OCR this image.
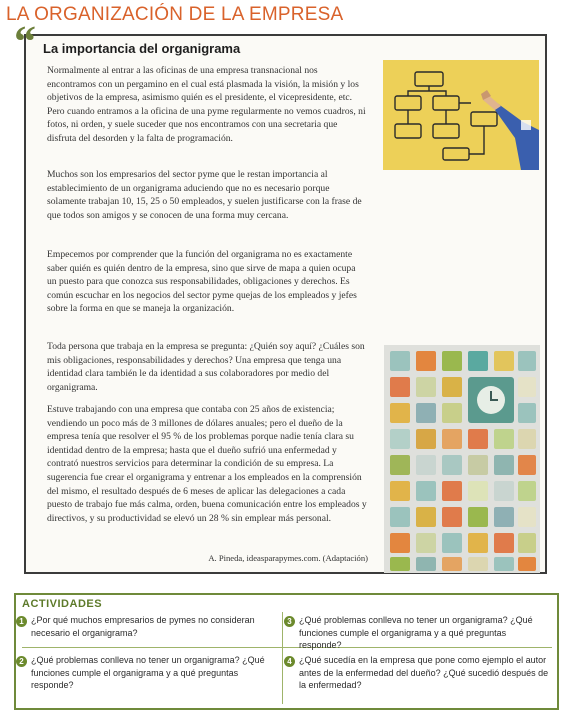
LA ORGANIZACIÓN DE LA EMPRESA
“ La importancia del organigrama

Normalmente al entrar a las oficinas de una empresa transnacional nos encontramos con un pergamino en el cual está plasmada la visión, la misión y los objetivos de la empresa, asimismo quién es el presidente, el vicepresidente, etc. Pero cuando entramos a la oficina de una pyme regularmente no vemos cuadros, ni fotos, ni orden, y suele suceder que nos encontramos con una secretaria que disfruta del desorden y la falta de programación.

Muchos son los empresarios del sector pyme que le restan importancia al establecimiento de un organigrama aduciendo que no es necesario porque solamente trabajan 10, 15, 25 o 50 empleados, y suelen justificarse con la frase de que todos son amigos y se conocen de una forma muy cercana.

Empecemos por comprender que la función del organigrama no es exactamente saber quién es quién dentro de la empresa, sino que sirve de mapa a quien ocupa un puesto para que conozca sus responsabilidades, obligaciones y derechos. Es común escuchar en los negocios del sector pyme quejas de los empleados y jefes sobre la forma en que se maneja la organización.

Toda persona que trabaja en la empresa se pregunta: ¿Quién soy aquí? ¿Cuáles son mis obligaciones, responsabilidades y derechos? Una empresa que tenga una identidad clara también le da identidad a sus colaboradores por medio del organigrama.

Estuve trabajando con una empresa que contaba con 25 años de existencia; vendiendo un poco más de 3 millones de dólares anuales; pero el dueño de la empresa tenía que resolver el 95 % de los problemas porque nadie tenía clara su identidad dentro de la empresa; hasta que el dueño sufrió una enfermedad y contrató nuestros servicios para determinar la condición de su empresa. La sugerencia fue crear el organigrama y entrenar a los empleados en la comprensión del mismo, el resultado después de 6 meses de aplicar las delegaciones a cada puesto de trabajo fue más calma, orden, buena comunicación entre los empleados y directivos, y su productividad se elevó un 28 % sin emplear más personal.

A. Pineda, ideasparapymes.com. (Adaptación)
ACTIVIDADES
1 ¿Por qué muchos empresarios de pymes no consideran necesario el organigrama?
2 ¿Qué problemas conlleva no tener un organigrama? ¿Qué funciones cumple el organigrama y a qué preguntas responde?
3 ¿Qué problemas conlleva no tener un organigrama? ¿Qué funciones cumple el organigrama y a qué preguntas responde?
4 ¿Qué sucedía en la empresa que pone como ejemplo el autor antes de la enfermedad del dueño? ¿Qué sucedió después de la enfermedad?
